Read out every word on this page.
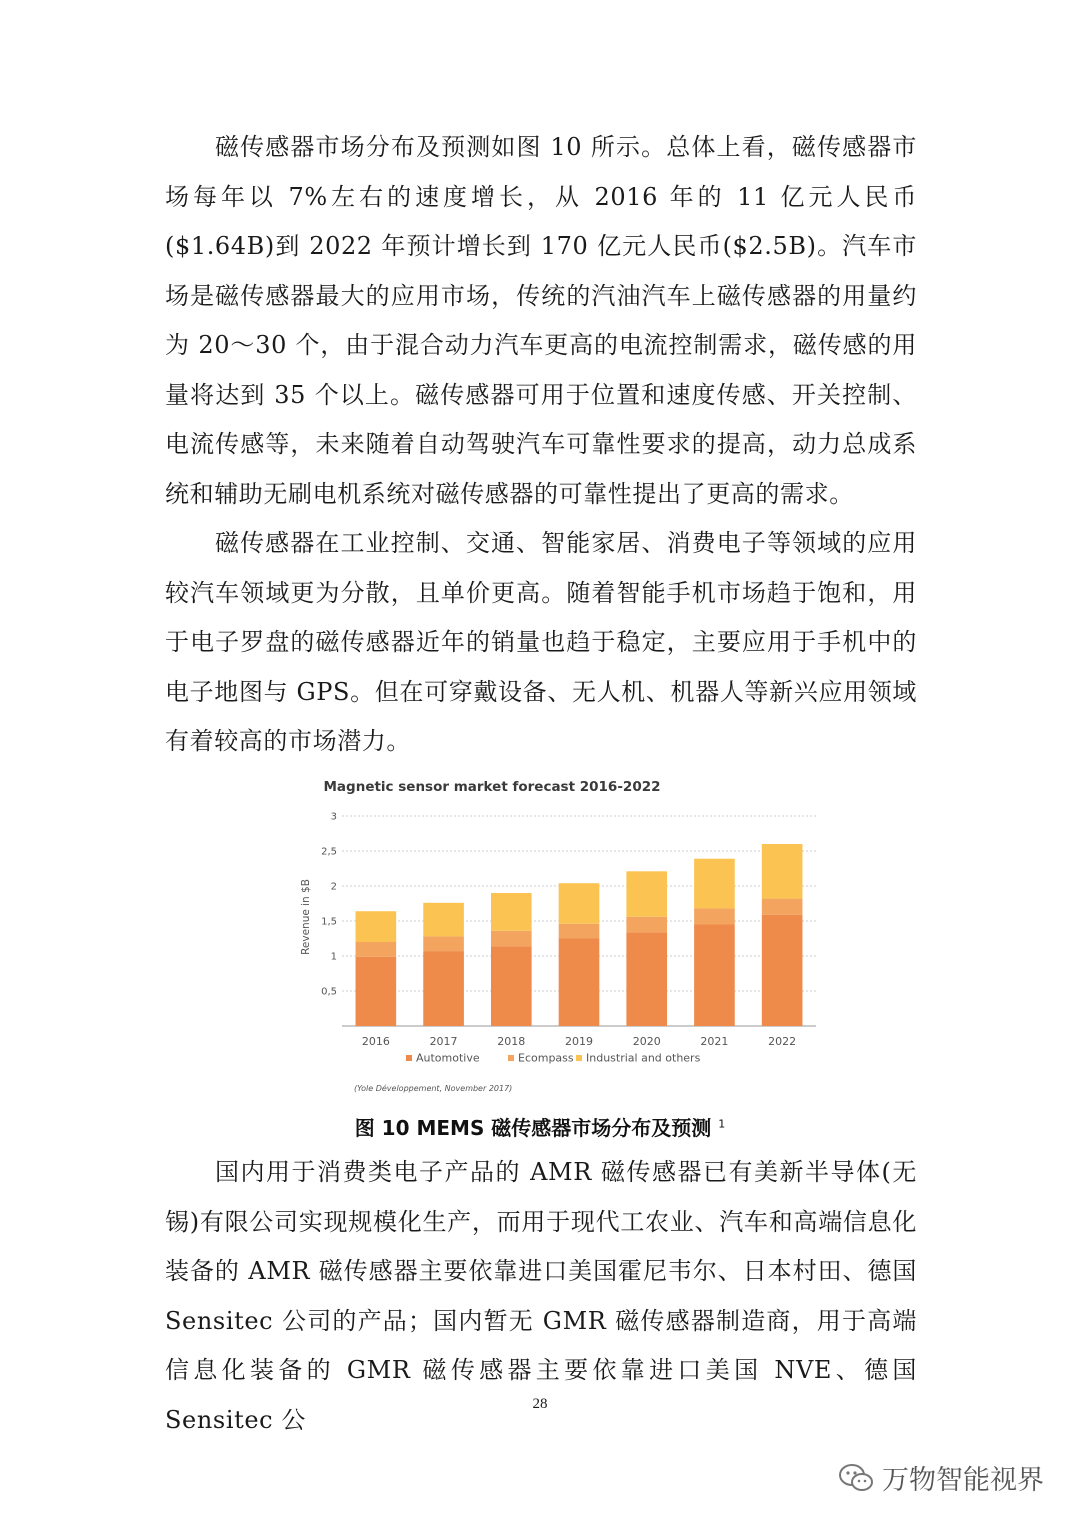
磁传感器市场分布及预测如图 10 所示。总体上看，磁传感器市场每年以 7%左右的速度增长，从 2016 年的 11 亿元人民币($1.64B)到 2022 年预计增长到 170 亿元人民币($2.5B)。汽车市场是磁传感器最大的应用市场，传统的汽油汽车上磁传感器的用量约为 20～30 个，由于混合动力汽车更高的电流控制需求，磁传感的用量将达到 35 个以上。磁传感器可用于位置和速度传感、开关控制、电流传感等，未来随着自动驾驶汽车可靠性要求的提高，动力总成系统和辅助无刷电机系统对磁传感器的可靠性提出了更高的需求。

磁传感器在工业控制、交通、智能家居、消费电子等领域的应用较汽车领域更为分散，且单价更高。随着智能手机市场趋于饱和，用于电子罗盘的磁传感器近年的销量也趋于稳定，主要应用于手机中的电子地图与 GPS。但在可穿戴设备、无人机、机器人等新兴应用领域有着较高的市场潜力。

Magnetic sensor market forecast 2016-2022
0,5
1
1,5
2
2,5
3
Revenue in $B
2016	2017	2018	2019	2020	2021	2022
Automotive	Ecompass Industrial and others
(Yole Développement, November 2017)
图 10 MEMS 磁传感器市场分布及预测 $^1$

国内用于消费类电子产品的 AMR 磁传感器已有美新半导体(无锡)有限公司实现规模化生产，而用于现代工农业、汽车和高端信息化装备的 AMR 磁传感器主要依靠进口美国霍尼韦尔、日本村田、德国 Sensitec 公司的产品；国内暂无 GMR 磁传感器制造商，用于高端信息化装备的 GMR 磁传感器主要依靠进口美国 NVE、德国 Sensitec 公

28
万物智能视界
